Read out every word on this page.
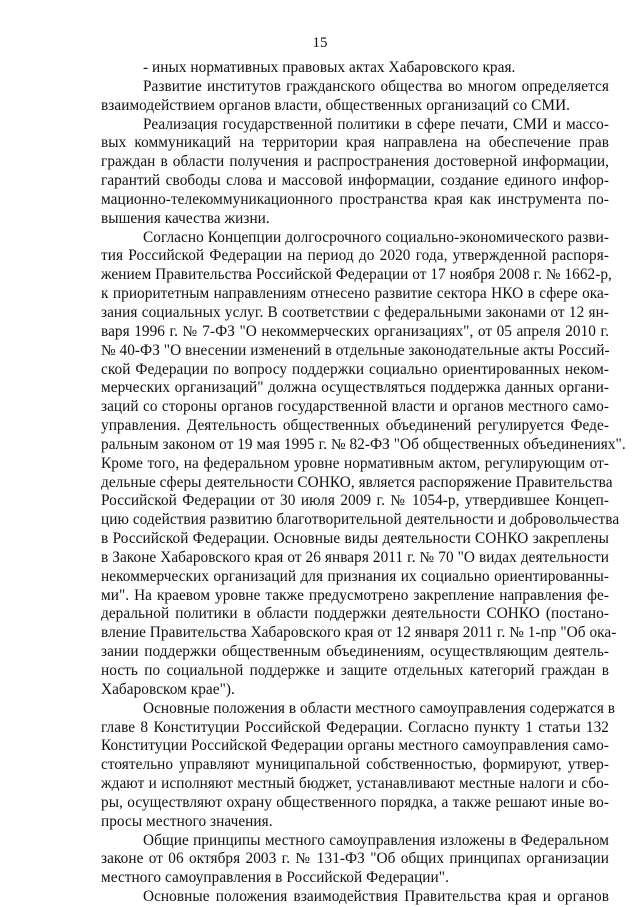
15
- иных нормативных правовых актах Хабаровского края.
Развитие институтов гражданского общества во многом определяется
взаимодействием органов власти, общественных организаций со СМИ.
Реализация государственной политики в сфере печати, СМИ и массо-
вых коммуникаций на территории края направлена на обеспечение прав
граждан в области получения и распространения достоверной информации,
гарантий свободы слова и массовой информации, создание единого инфор-
мационно-телекоммуникационного пространства края как инструмента по-
вышения качества жизни.
Согласно Концепции долгосрочного социально-экономического разви-
тия Российской Федерации на период до 2020 года, утвержденной распоря-
жением Правительства Российской Федерации от 17 ноября 2008 г. № 1662-р,
к приоритетным направлениям отнесено развитие сектора НКО в сфере ока-
зания социальных услуг. В соответствии с федеральными законами от 12 ян-
варя 1996 г. № 7-ФЗ "О некоммерческих организациях", от 05 апреля 2010 г.
№ 40-ФЗ "О внесении изменений в отдельные законодательные акты Россий-
ской Федерации по вопросу поддержки социально ориентированных неком-
мерческих организаций" должна осуществляться поддержка данных органи-
заций со стороны органов государственной власти и органов местного само-
управления. Деятельность общественных объединений регулируется Феде-
ральным законом от 19 мая 1995 г. № 82-ФЗ "Об общественных объединениях".
Кроме того, на федеральном уровне нормативным актом, регулирующим от-
дельные сферы деятельности СОНКО, является распоряжение Правительства
Российской Федерации от 30 июля 2009 г. № 1054-р, утвердившее Концеп-
цию содействия развитию благотворительной деятельности и добровольчества
в Российской Федерации. Основные виды деятельности СОНКО закреплены
в Законе Хабаровского края от 26 января 2011 г. № 70 "О видах деятельности
некоммерческих организаций для признания их социально ориентированны-
ми". На краевом уровне также предусмотрено закрепление направления фе-
деральной политики в области поддержки деятельности СОНКО (постано-
вление Правительства Хабаровского края от 12 января 2011 г. № 1-пр "Об ока-
зании поддержки общественным объединениям, осуществляющим деятель-
ность по социальной поддержке и защите отдельных категорий граждан в
Хабаровском крае").
Основные положения в области местного самоуправления содержатся в
главе 8 Конституции Российской Федерации. Согласно пункту 1 статьи 132
Конституции Российской Федерации органы местного самоуправления само-
стоятельно управляют муниципальной собственностью, формируют, утвер-
ждают и исполняют местный бюджет, устанавливают местные налоги и сбо-
ры, осуществляют охрану общественного порядка, а также решают иные во-
просы местного значения.
Общие принципы местного самоуправления изложены в Федеральном
законе от 06 октября 2003 г. № 131-ФЗ "Об общих принципах организации
местного самоуправления в Российской Федерации".
Основные положения взаимодействия Правительства края и органов
